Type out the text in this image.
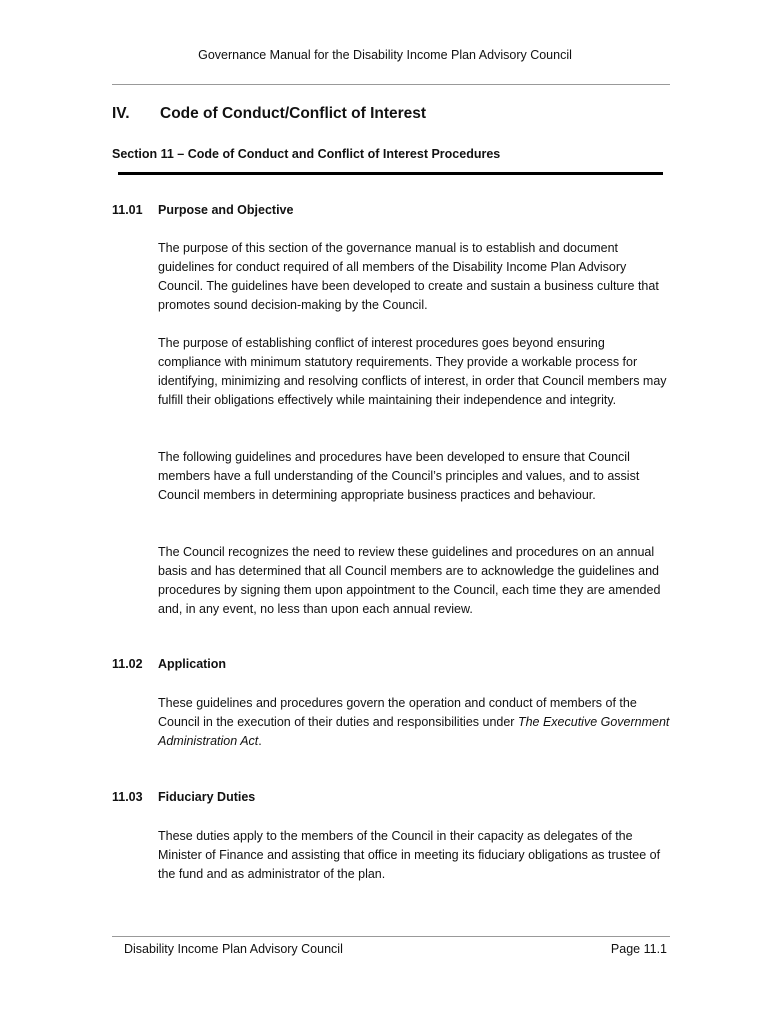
Governance Manual for the Disability Income Plan Advisory Council
IV. Code of Conduct/Conflict of Interest
Section 11 – Code of Conduct and Conflict of Interest Procedures
11.01 Purpose and Objective
The purpose of this section of the governance manual is to establish and document guidelines for conduct required of all members of the Disability Income Plan Advisory Council. The guidelines have been developed to create and sustain a business culture that promotes sound decision-making by the Council.
The purpose of establishing conflict of interest procedures goes beyond ensuring compliance with minimum statutory requirements. They provide a workable process for identifying, minimizing and resolving conflicts of interest, in order that Council members may fulfill their obligations effectively while maintaining their independence and integrity.
The following guidelines and procedures have been developed to ensure that Council members have a full understanding of the Council’s principles and values, and to assist Council members in determining appropriate business practices and behaviour.
The Council recognizes the need to review these guidelines and procedures on an annual basis and has determined that all Council members are to acknowledge the guidelines and procedures by signing them upon appointment to the Council, each time they are amended and, in any event, no less than upon each annual review.
11.02 Application
These guidelines and procedures govern the operation and conduct of members of the Council in the execution of their duties and responsibilities under The Executive Government Administration Act.
11.03 Fiduciary Duties
These duties apply to the members of the Council in their capacity as delegates of the Minister of Finance and assisting that office in meeting its fiduciary obligations as trustee of the fund and as administrator of the plan.
Disability Income Plan Advisory Council	Page 11.1
